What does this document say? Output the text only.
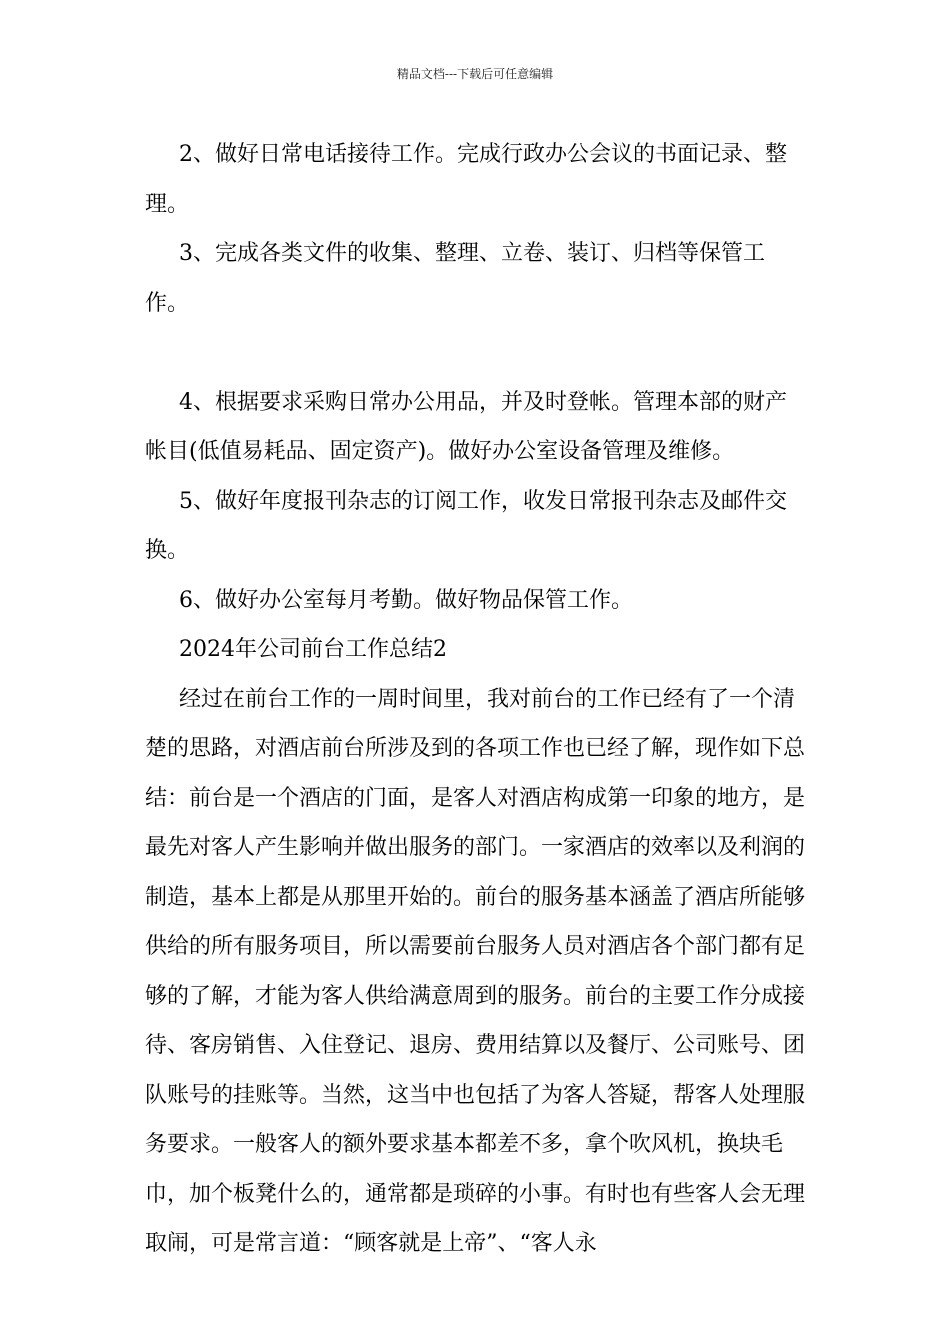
精品文档---下载后可任意编辑

2、做好日常电话接待工作。完成行政办公会议的书面记录、整理。

3、完成各类文件的收集、整理、立卷、装订、归档等保管工作。

4、根据要求采购日常办公用品，并及时登帐。管理本部的财产帐目(低值易耗品、固定资产)。做好办公室设备管理及维修。

5、做好年度报刊杂志的订阅工作，收发日常报刊杂志及邮件交换。

6、做好办公室每月考勤。做好物品保管工作。

2024年公司前台工作总结2

经过在前台工作的一周时间里，我对前台的工作已经有了一个清楚的思路，对酒店前台所涉及到的各项工作也已经了解，现作如下总结：前台是一个酒店的门面，是客人对酒店构成第一印象的地方，是最先对客人产生影响并做出服务的部门。一家酒店的效率以及利润的制造，基本上都是从那里开始的。前台的服务基本涵盖了酒店所能够供给的所有服务项目，所以需要前台服务人员对酒店各个部门都有足够的了解，才能为客人供给满意周到的服务。前台的主要工作分成接待、客房销售、入住登记、退房、费用结算以及餐厅、公司账号、团队账号的挂账等。当然，这当中也包括了为客人答疑，帮客人处理服务要求。一般客人的额外要求基本都差不多，拿个吹风机，换块毛巾，加个板凳什么的，通常都是琐碎的小事。有时也有些客人会无理取闹，可是常言道：“顾客就是上帝”、“客人永
